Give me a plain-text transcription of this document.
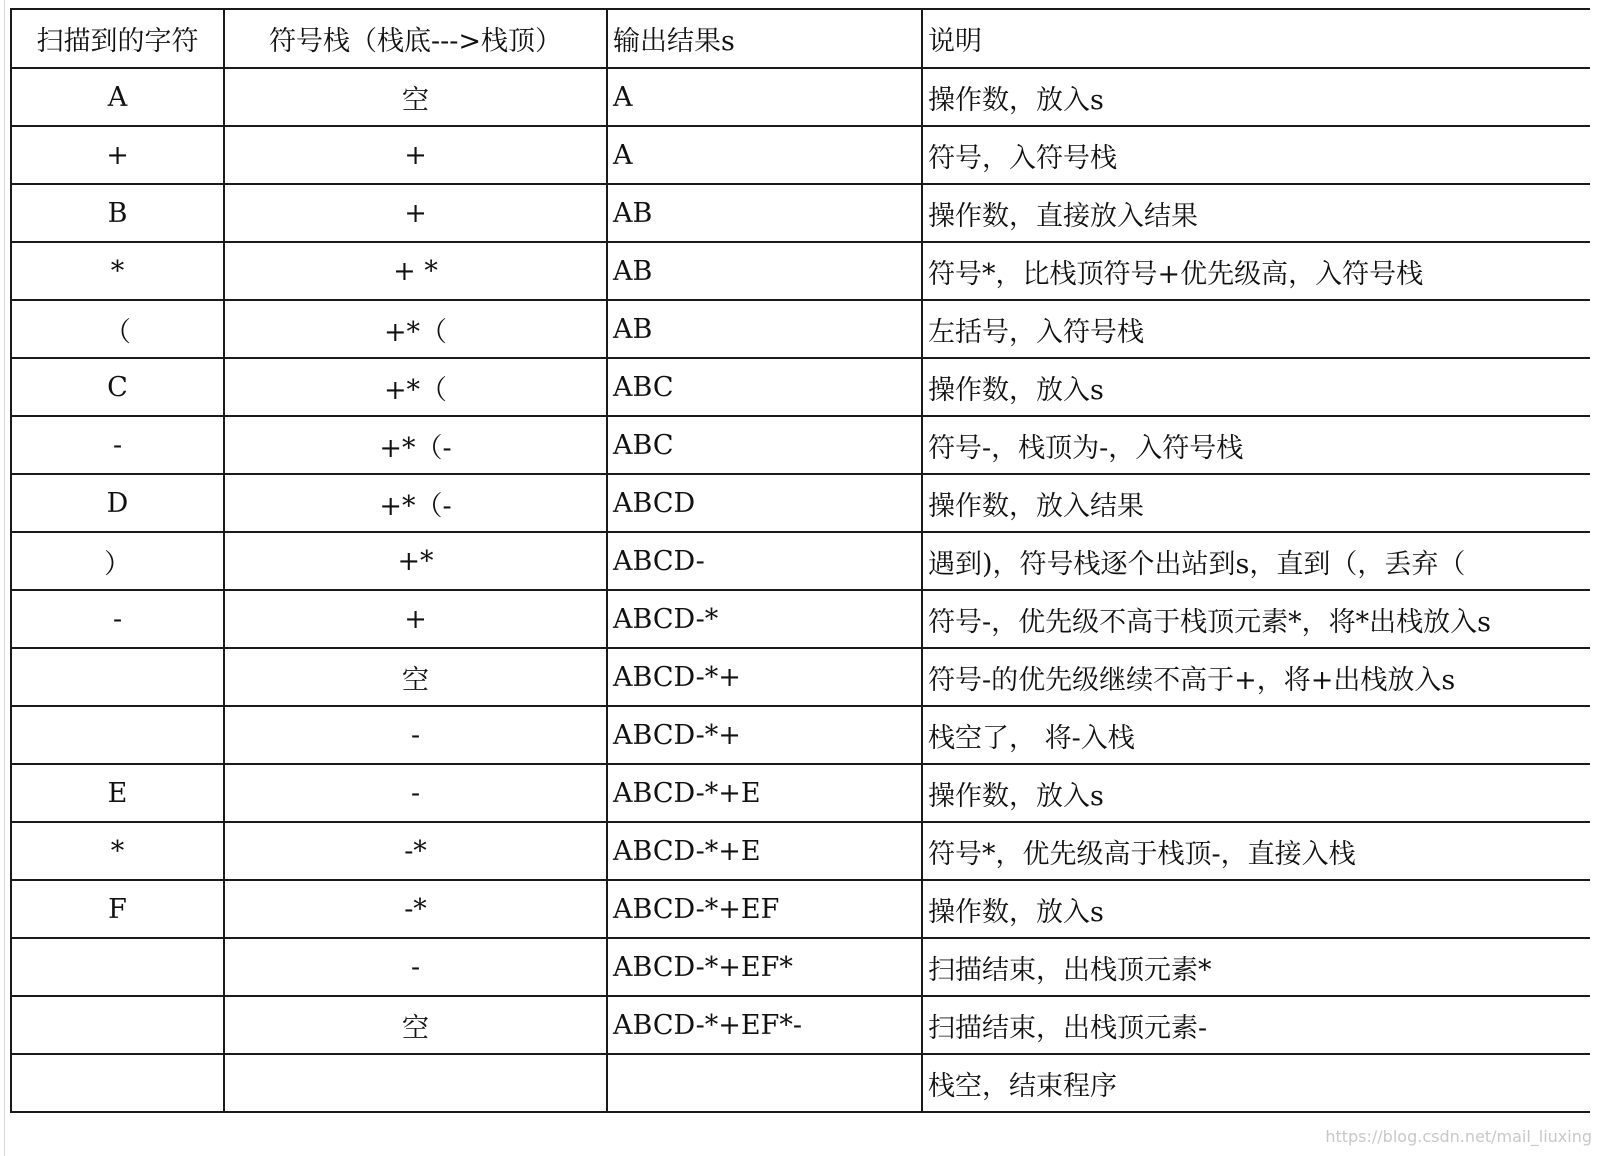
扫描到的字符	符号栈（栈底--->栈顶）	输出结果s	说明
A	空	A	操作数，放入s
+	+	A	符号，入符号栈
B	+	AB	操作数，直接放入结果
*	+ *	AB	符号*，比栈顶符号+优先级高，入符号栈
（	+*（	AB	左括号，入符号栈
C	+*（	ABC	操作数，放入s
-	+*（-	ABC	符号-，栈顶为-，入符号栈
D	+*（-	ABCD	操作数，放入结果
）	+*	ABCD-	遇到)，符号栈逐个出站到s，直到（，丢弃（
-	+	ABCD-*	符号-，优先级不高于栈顶元素*，将*出栈放入s
	空	ABCD-*+	符号-的优先级继续不高于+，将+出栈放入s
	-	ABCD-*+	栈空了， 将-入栈
E	-	ABCD-*+E	操作数，放入s
*	-*	ABCD-*+E	符号*，优先级高于栈顶-，直接入栈
F	-*	ABCD-*+EF	操作数，放入s
	-	ABCD-*+EF*	扫描结束，出栈顶元素*
	空	ABCD-*+EF*-	扫描结束，出栈顶元素-
			栈空，结束程序
https://blog.csdn.net/mail_liuxing
